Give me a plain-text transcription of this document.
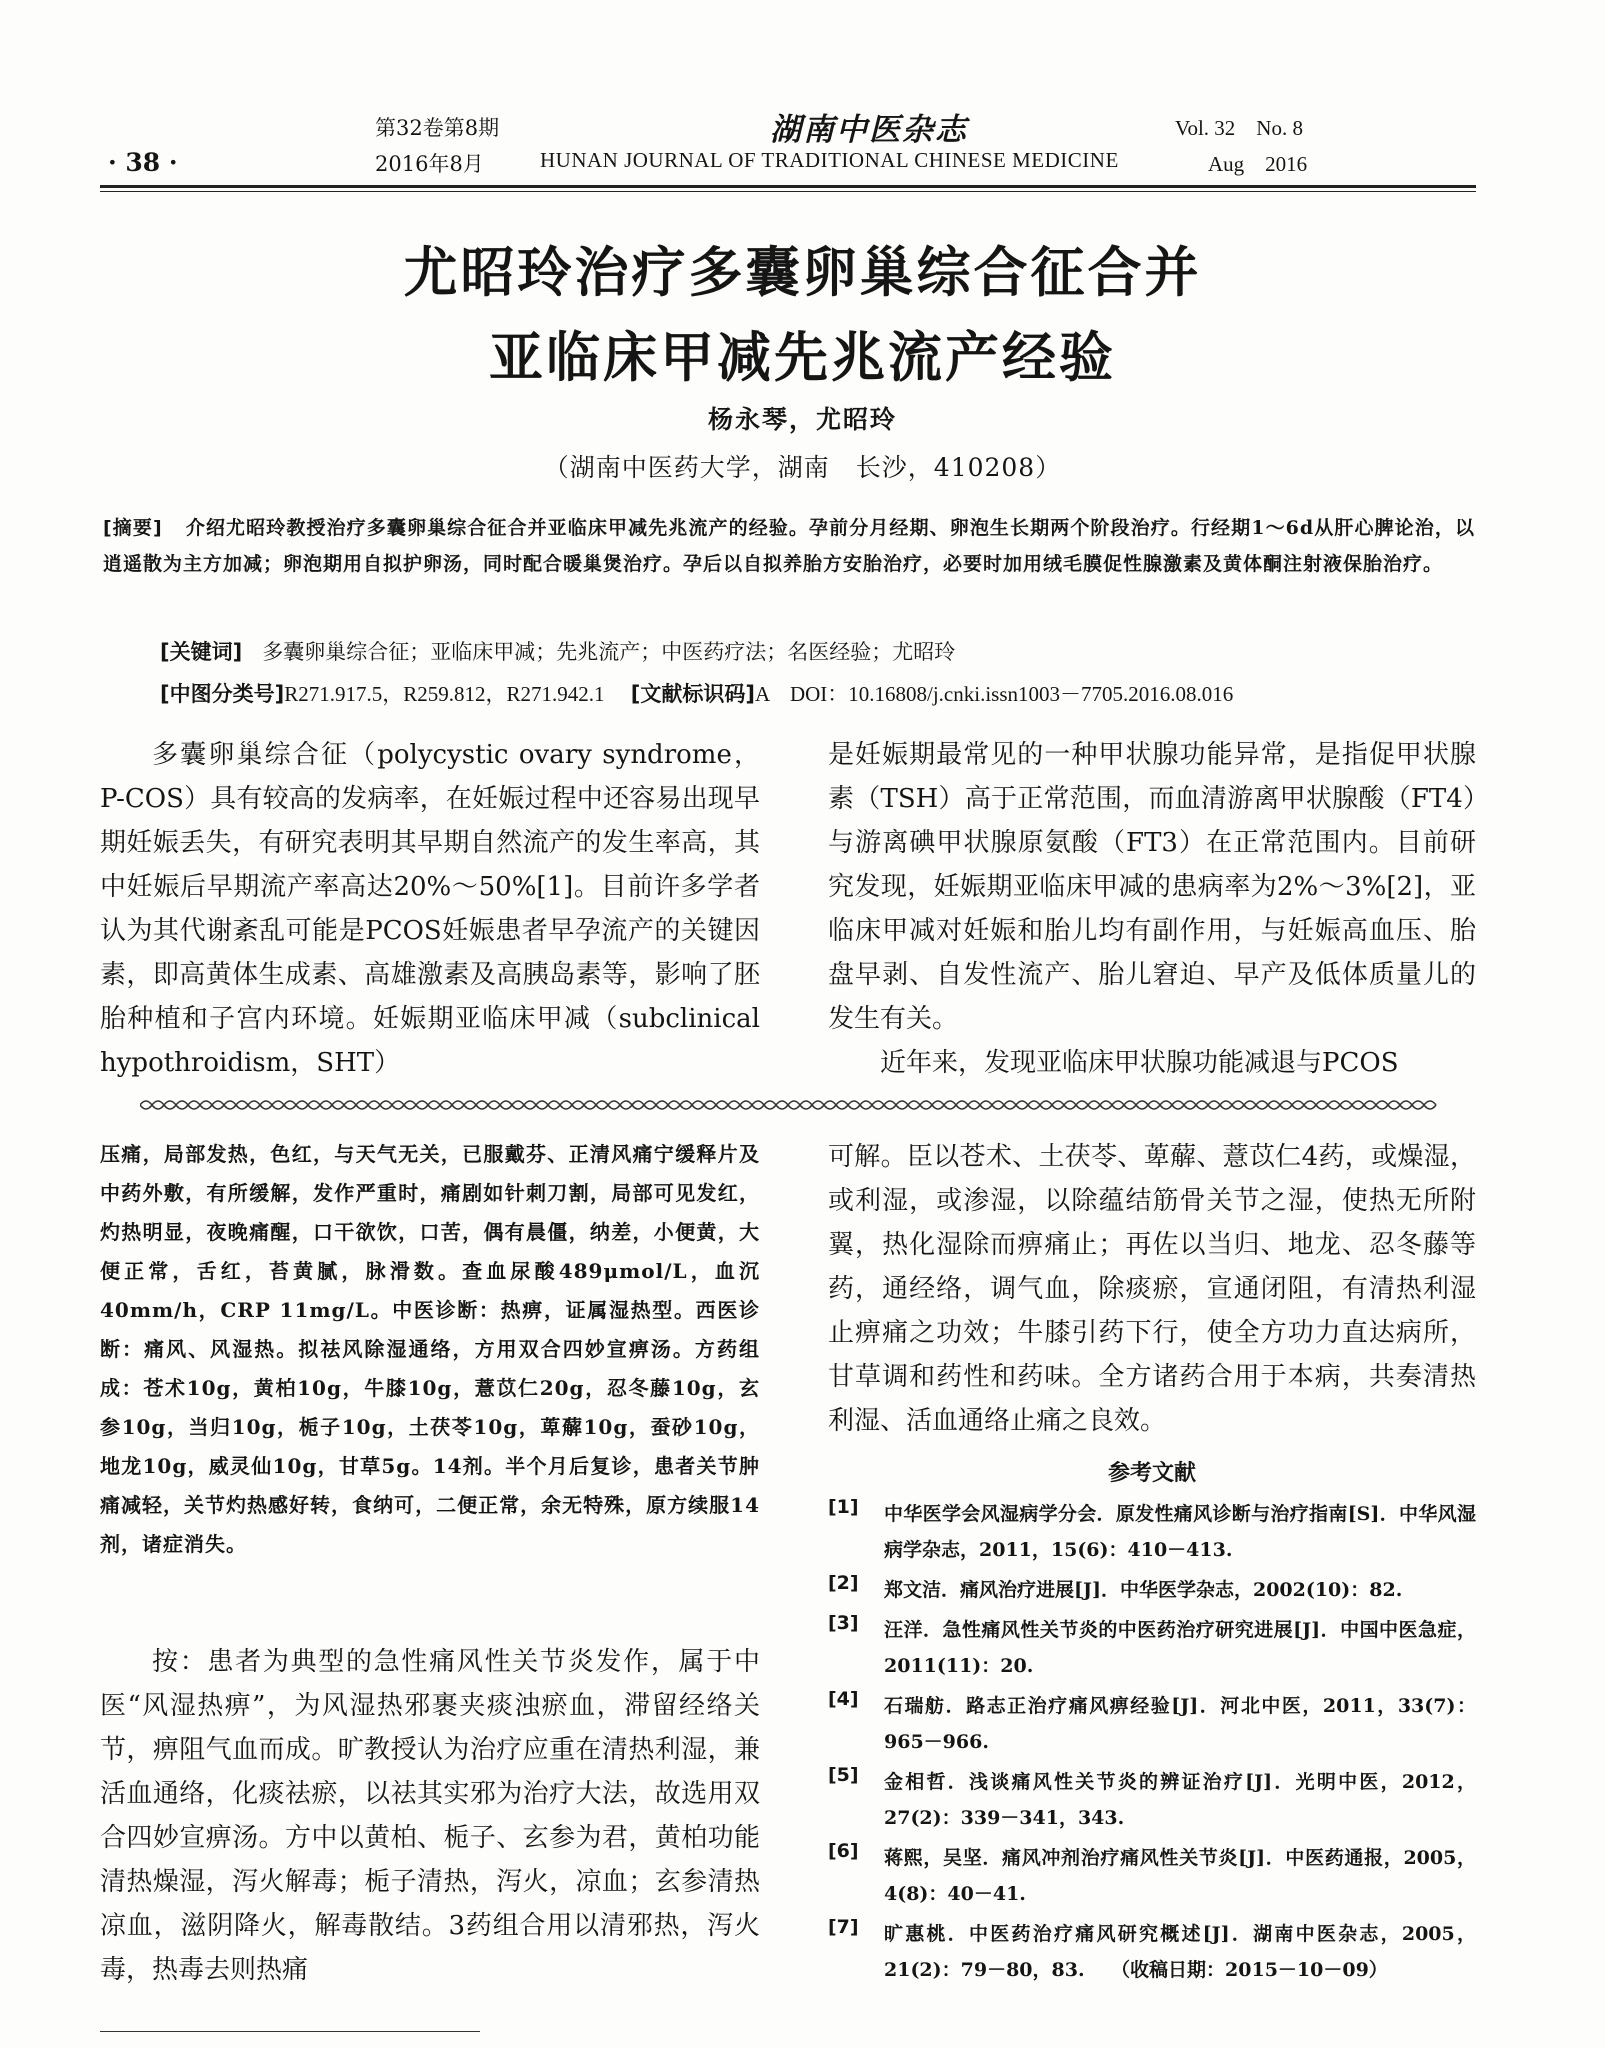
第32卷第8期
· 38 ·	2016年8月
湖南中医杂志
HUNAN JOURNAL OF TRADITIONAL CHINESE MEDICINE
Vol. 32　No. 8
Aug　2016
尤昭玲治疗多囊卵巢综合征合并
亚临床甲减先兆流产经验
杨永琴，尤昭玲
（湖南中医药大学，湖南　长沙，410208）
[摘要] 介绍尤昭玲教授治疗多囊卵巢综合征合并亚临床甲减先兆流产的经验。孕前分月经期、卵泡生长期两个阶段治疗。行经期1～6d从肝心脾论治，以逍遥散为主方加减；卵泡期用自拟护卵汤，同时配合暖巢煲治疗。孕后以自拟养胎方安胎治疗，必要时加用绒毛膜促性腺激素及黄体酮注射液保胎治疗。
[关键词] 多囊卵巢综合征；亚临床甲减；先兆流产；中医药疗法；名医经验；尤昭玲
[中图分类号]R271.917.5，R259.812，R271.942.1 [文献标识码]A　DOI：10.16808/j.cnki.issn1003－7705.2016.08.016

多囊卵巢综合征（polycystic ovary syndrome，P-COS）具有较高的发病率，在妊娠过程中还容易出现早期妊娠丢失，有研究表明其早期自然流产的发生率高，其中妊娠后早期流产率高达20%～50%[1]。目前许多学者认为其代谢紊乱可能是PCOS妊娠患者早孕流产的关键因素，即高黄体生成素、高雄激素及高胰岛素等，影响了胚胎种植和子宫内环境。妊娠期亚临床甲减（subclinical hypothroidism，SHT）

是妊娠期最常见的一种甲状腺功能异常，是指促甲状腺素（TSH）高于正常范围，而血清游离甲状腺酸（FT4）与游离碘甲状腺原氨酸（FT3）在正常范围内。目前研究发现，妊娠期亚临床甲减的患病率为2%～3%[2]，亚临床甲减对妊娠和胎儿均有副作用，与妊娠高血压、胎盘早剥、自发性流产、胎儿窘迫、早产及低体质量儿的发生有关。

近年来，发现亚临床甲状腺功能减退与PCOS

压痛，局部发热，色红，与天气无关，已服戴芬、正清风痛宁缓释片及中药外敷，有所缓解，发作严重时，痛剧如针刺刀割，局部可见发红，灼热明显，夜晚痛醒，口干欲饮，口苦，偶有晨僵，纳差，小便黄，大便正常，舌红，苔黄腻，脉滑数。查血尿酸489μmol/L，血沉40mm/h，CRP 11mg/L。中医诊断：热痹，证属湿热型。西医诊断：痛风、风湿热。拟祛风除湿通络，方用双合四妙宣痹汤。方药组成：苍术10g，黄柏10g，牛膝10g，薏苡仁20g，忍冬藤10g，玄参10g，当归10g，栀子10g，土茯苓10g，萆薢10g，蚕砂10g，地龙10g，威灵仙10g，甘草5g。14剂。半个月后复诊，患者关节肿痛减轻，关节灼热感好转，食纳可，二便正常，余无特殊，原方续服14剂，诸症消失。
按：患者为典型的急性痛风性关节炎发作，属于中医“风湿热痹”，为风湿热邪裹夹痰浊瘀血，滞留经络关节，痹阻气血而成。旷教授认为治疗应重在清热利湿，兼活血通络，化痰祛瘀，以祛其实邪为治疗大法，故选用双合四妙宣痹汤。方中以黄柏、栀子、玄参为君，黄柏功能清热燥湿，泻火解毒；栀子清热，泻火，凉血；玄参清热凉血，滋阴降火，解毒散结。3药组合用以清邪热，泻火毒，热毒去则热痛
可解。臣以苍术、土茯苓、萆薢、薏苡仁4药，或燥湿，或利湿，或渗湿，以除蕴结筋骨关节之湿，使热无所附翼，热化湿除而痹痛止；再佐以当归、地龙、忍冬藤等药，通经络，调气血，除痰瘀，宣通闭阻，有清热利湿止痹痛之功效；牛膝引药下行，使全方功力直达病所，甘草调和药性和药味。全方诸药合用于本病，共奏清热利湿、活血通络止痛之良效。
参考文献
[1]	中华医学会风湿病学分会．原发性痛风诊断与治疗指南[S]．中华风湿病学杂志，2011，15(6)：410－413.
[2]	郑文洁．痛风治疗进展[J]．中华医学杂志，2002(10)：82.
[3]	汪洋．急性痛风性关节炎的中医药治疗研究进展[J]．中国中医急症，2011(11)：20.
[4]	石瑞舫．路志正治疗痛风痹经验[J]．河北中医，2011，33(7)：965－966.
[5]	金相哲．浅谈痛风性关节炎的辨证治疗[J]．光明中医，2012，27(2)：339－341，343.
[6]	蒋熙，吴坚．痛风冲剂治疗痛风性关节炎[J]．中医药通报，2005，4(8)：40－41.
[7]	旷惠桃．中医药治疗痛风研究概述[J]．湖南中医杂志，2005，21(2)：79－80，83. （收稿日期：2015－10－09）
